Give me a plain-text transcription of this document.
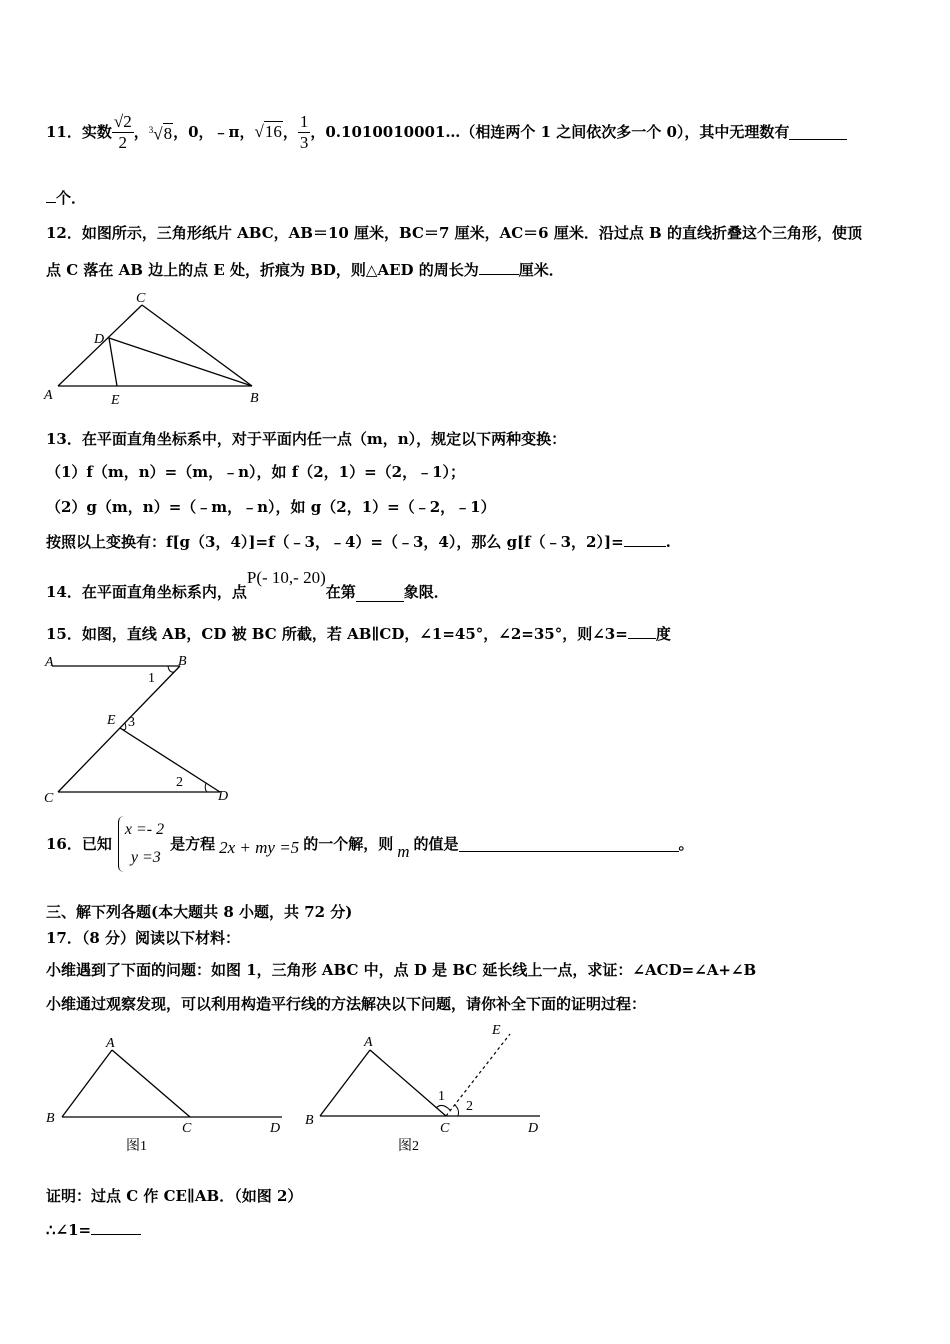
11．实数 $\frac{√2}{2}$ ， $^3$√8 ，0，﹣π， √16 ， $\frac{1}{3}$ ，0.1010010001…（相连两个 1 之间依次多一个 0），其中无理数有
个．
12．如图所示，三角形纸片 ABC，AB＝10 厘米，BC＝7 厘米，AC＝6 厘米．沿过点 B 的直线折叠这个三角形，使顶
点 C 落在 AB 边上的点 E 处，折痕为 BD，则△AED 的周长为	厘米．
A	B
C
D
E
13．在平面直角坐标系中，对于平面内任一点（m，n），规定以下两种变换：
（1）f（m，n）=（m，﹣n），如 f（2，1）=（2，﹣1）；
（2）g（m，n）=（﹣m，﹣n），如 g（2，1）=（﹣2，﹣1）
按照以上变换有：f[g（3，4）]=f（﹣3，﹣4）=（﹣3，4），那么 g[f（﹣3，2）]=	.
14．在平面直角坐标系内，点
P(- 10,- 20)
在第	象限．
15．如图，直线 AB，CD 被 BC 所截，若 AB∥CD，∠1=45°，∠2=35°，则∠3= 度
A	B
C	D
E
1
3
2
16．已知
x =- 2
y =3
是方程 2x + my =5 的一个解，则 m 的值是	。
三、解下列各题(本大题共 8 小题，共 72 分)
17．（8 分）阅读以下材料：
小维遇到了下面的问题：如图 1，三角形 ABC 中，点 D 是 BC 延长线上一点，求证：∠ACD=∠A+∠B
小维通过观察发现，可以利用构造平行线的方法解决以下问题，请你补全下面的证明过程：
A
B
C	D
图1
A
B
C	D
E
1
2
图2
证明：过点 C 作 CE∥AB．（如图 2）
∴∠1=
